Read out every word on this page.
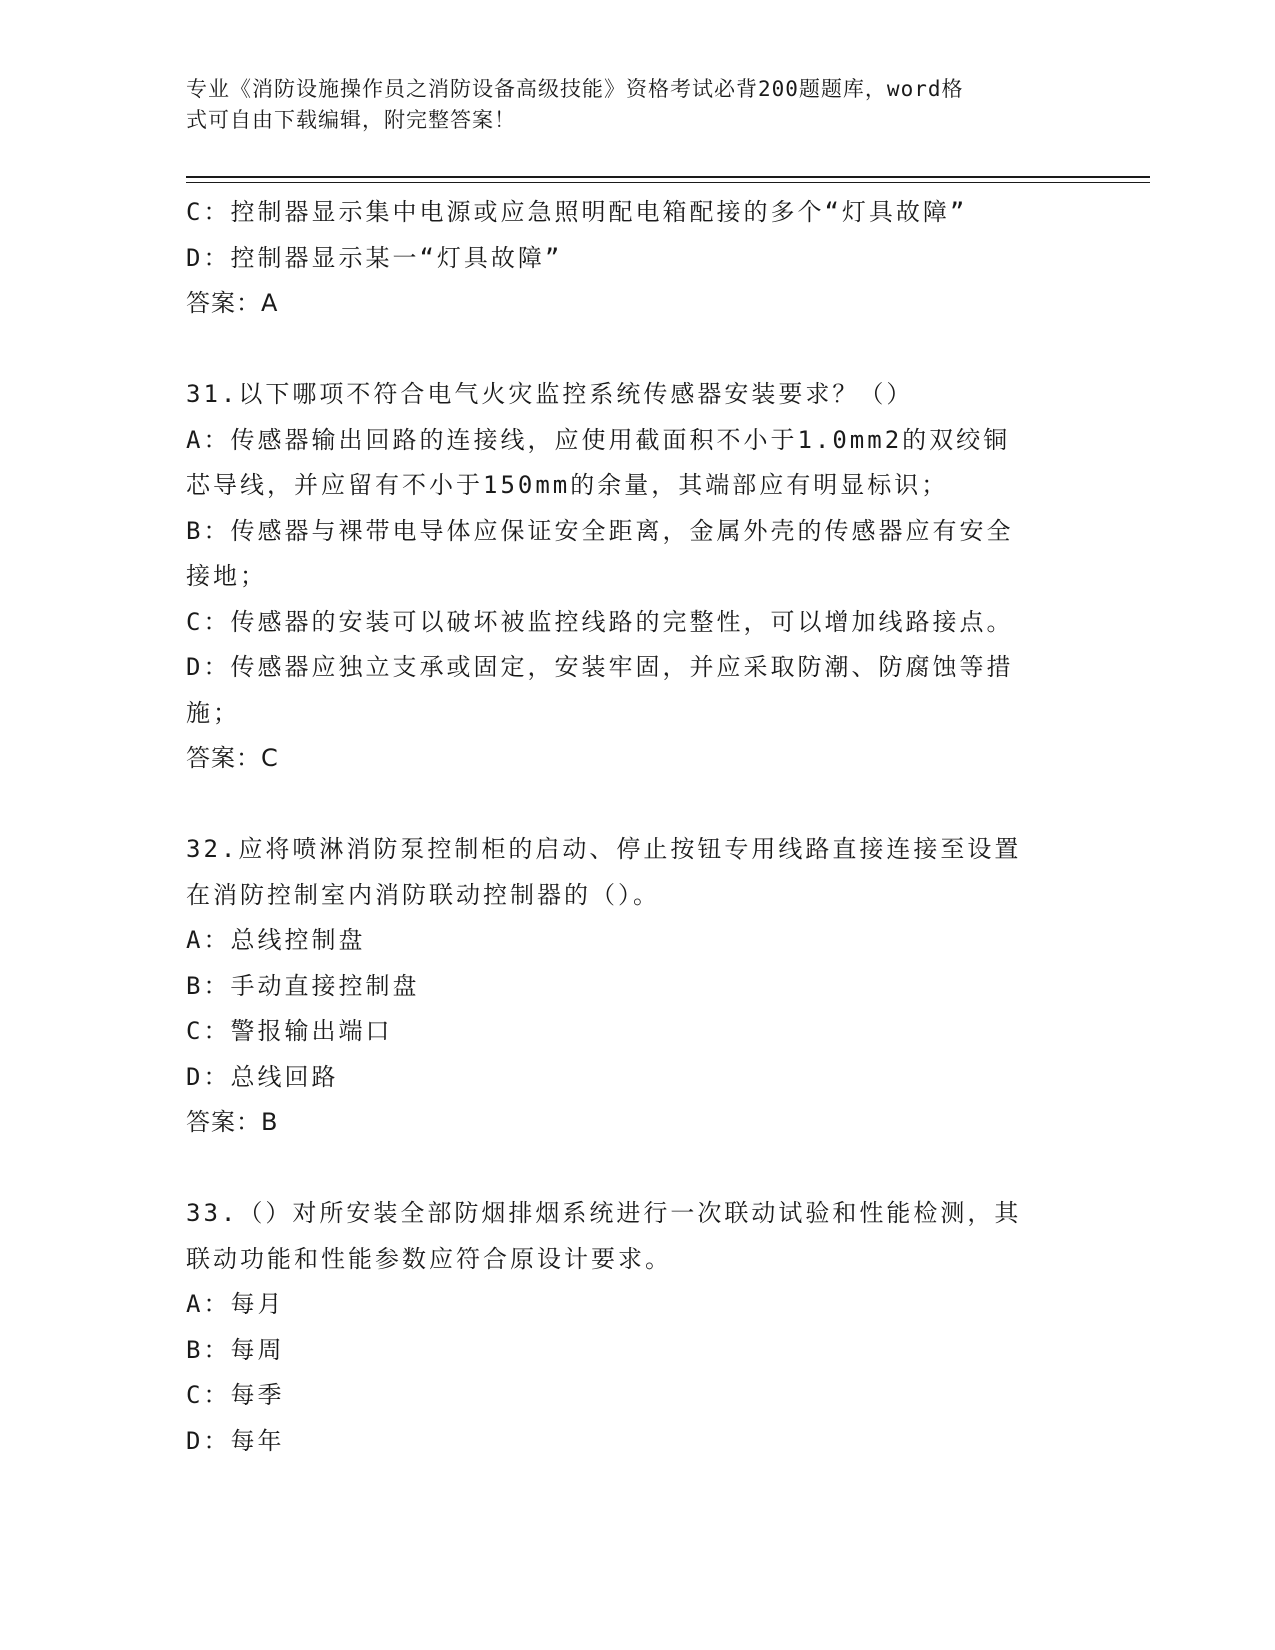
专业《消防设施操作员之消防设备高级技能》资格考试必背200题题库，word格
式可自由下载编辑，附完整答案！
C：控制器显示集中电源或应急照明配电箱配接的多个“灯具故障”
D：控制器显示某一“灯具故障”
答案：A
31.以下哪项不符合电气火灾监控系统传感器安装要求？（）
A：传感器输出回路的连接线，应使用截面积不小于1.0mm2的双绞铜
芯导线，并应留有不小于150mm的余量，其端部应有明显标识；
B：传感器与裸带电导体应保证安全距离，金属外壳的传感器应有安全
接地；
C：传感器的安装可以破坏被监控线路的完整性，可以增加线路接点。
D：传感器应独立支承或固定，安装牢固，并应采取防潮、防腐蚀等措
施；
答案：C
32.应将喷淋消防泵控制柜的启动、停止按钮专用线路直接连接至设置
在消防控制室内消防联动控制器的（）。
A：总线控制盘
B：手动直接控制盘
C：警报输出端口
D：总线回路
答案：B
33.（）对所安装全部防烟排烟系统进行一次联动试验和性能检测，其
联动功能和性能参数应符合原设计要求。
A：每月
B：每周
C：每季
D：每年
